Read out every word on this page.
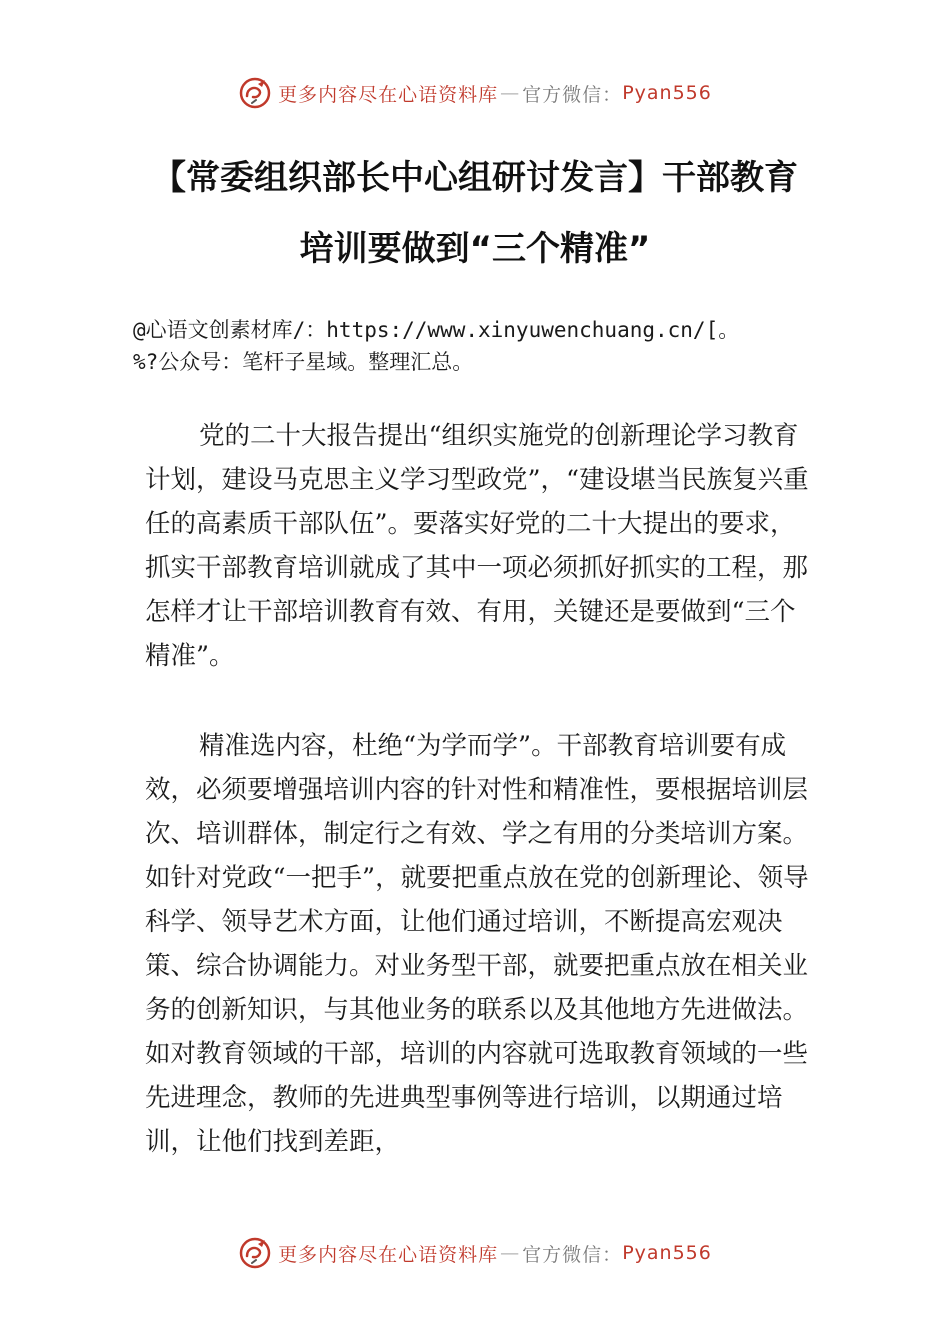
更多内容尽在心语资料库 — 官方微信： Pyan556
【常委组织部长中心组研讨发言】干部教育
培训要做到“三个精准”
@心语文创素材库/：https://www.xinyuwenchuang.cn/[。
%?公众号：笔杆子星域。整理汇总。

党的二十大报告提出“组织实施党的创新理论学习教育计划，建设马克思主义学习型政党”，“建设堪当民族复兴重任的高素质干部队伍”。要落实好党的二十大提出的要求，抓实干部教育培训就成了其中一项必须抓好抓实的工程，那怎样才让干部培训教育有效、有用，关键还是要做到“三个精准”。

精准选内容，杜绝“为学而学”。干部教育培训要有成效，必须要增强培训内容的针对性和精准性，要根据培训层次、培训群体，制定行之有效、学之有用的分类培训方案。如针对党政“一把手”，就要把重点放在党的创新理论、领导科学、领导艺术方面，让他们通过培训，不断提高宏观决策、综合协调能力。对业务型干部，就要把重点放在相关业务的创新知识，与其他业务的联系以及其他地方先进做法。如对教育领域的干部，培训的内容就可选取教育领域的一些先进理念，教师的先进典型事例等进行培训，以期通过培训，让他们找到差距，

更多内容尽在心语资料库 — 官方微信： Pyan556
